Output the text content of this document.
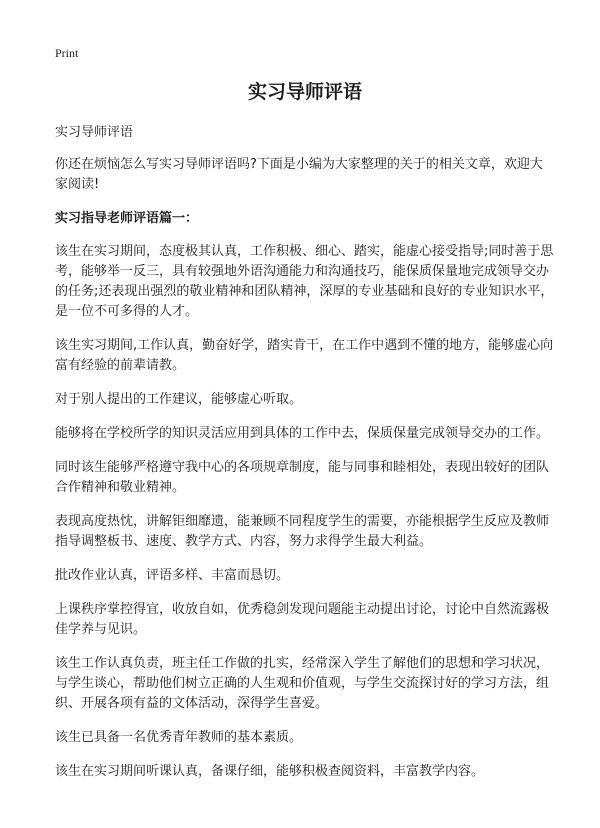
Print
实习导师评语
实习导师评语

你还在烦恼怎么写实习导师评语吗?下面是小编为大家整理的关于的相关文章，欢迎大家阅读!

实习指导老师评语篇一：

该生在实习期间，态度极其认真，工作积极、细心、踏实，能虚心接受指导;同时善于思考，能够举一反三，具有较强地外语沟通能力和沟通技巧，能保质保量地完成领导交办的任务;还表现出强烈的敬业精神和团队精神，深厚的专业基础和良好的专业知识水平，是一位不可多得的人才。

该生实习期间,工作认真，勤奋好学，踏实肯干，在工作中遇到不懂的地方，能够虚心向富有经验的前辈请教。

对于别人提出的工作建议，能够虚心听取。

能够将在学校所学的知识灵活应用到具体的工作中去，保质保量完成领导交办的工作。

同时该生能够严格遵守我中心的各项规章制度，能与同事和睦相处，表现出较好的团队合作精神和敬业精神。

表现高度热忱，讲解钜细靡遗，能兼顾不同程度学生的需要，亦能根据学生反应及教师指导调整板书、速度、教学方式、内容，努力求得学生最大利益。

批改作业认真，评语多样、丰富而恳切。

上课秩序掌控得宜，收放自如，优秀稳剑发现问题能主动提出讨论，讨论中自然流露极佳学养与见识。

该生工作认真负责，班主任工作做的扎实，经常深入学生了解他们的思想和学习状况，与学生谈心，帮助他们树立正确的人生观和价值观，与学生交流探讨好的学习方法，组织、开展各项有益的文体活动，深得学生喜爱。

该生已具备一名优秀青年教师的基本素质。

该生在实习期间听课认真，备课仔细，能够积极查阅资料，丰富教学内容。
